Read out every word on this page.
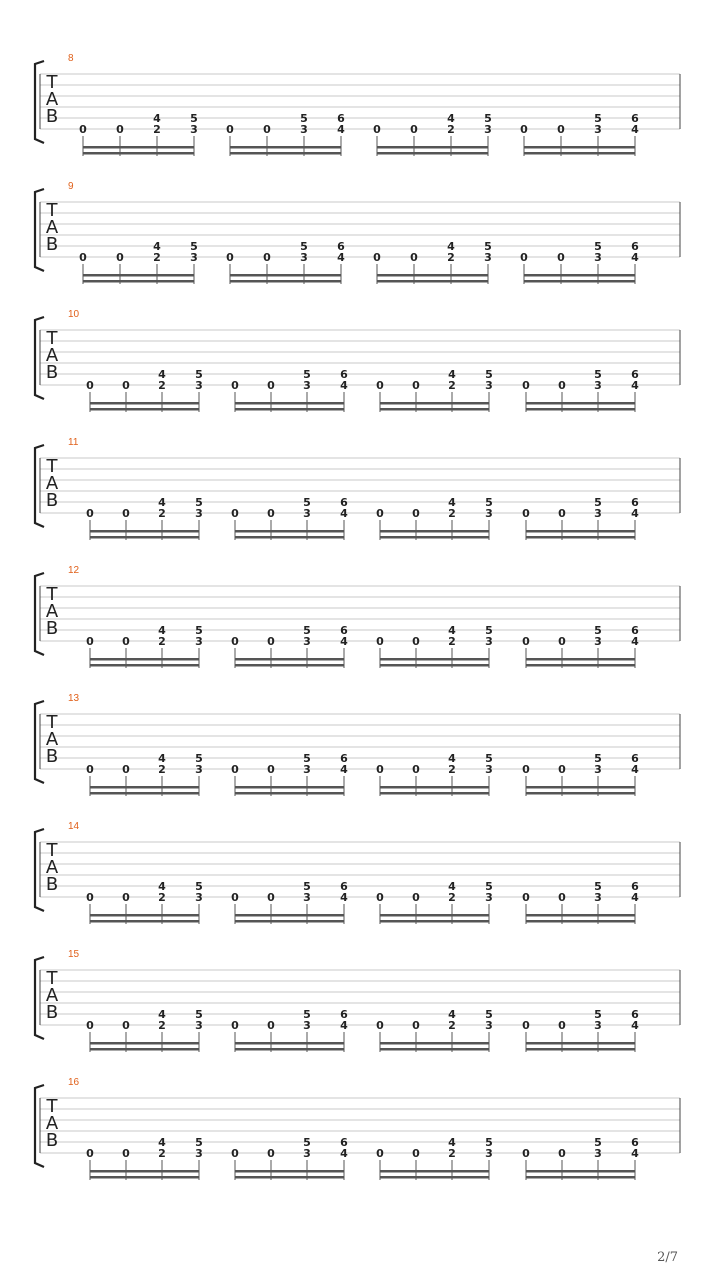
8
T
A
B
0	0
4
2
5
3	0	0
5
3
6
4	0	0
4
2
5
3	0	0
5
3
6
4
9
T
A
B
0	0
4
2
5
3	0	0
5
3
6
4	0	0
4
2
5
3	0	0
5
3
6
4
10
T
A
B
0	0
4
2
5
3	0	0
5
3
6
4	0	0
4
2
5
3	0	0
5
3
6
4
11
T
A
B
0	0
4
2
5
3	0	0
5
3
6
4	0	0
4
2
5
3	0	0
5
3
6
4
12
T
A
B
0	0
4
2
5
3	0	0
5
3
6
4	0	0
4
2
5
3	0	0
5
3
6
4
13
T
A
B
0	0
4
2
5
3	0	0
5
3
6
4	0	0
4
2
5
3	0	0
5
3
6
4
14
T
A
B
0	0
4
2
5
3	0	0
5
3
6
4	0	0
4
2
5
3	0	0
5
3
6
4
15
T
A
B
0	0
4
2
5
3	0	0
5
3
6
4	0	0
4
2
5
3	0	0
5
3
6
4
16
T
A
B
0	0
4
2
5
3	0	0
5
3
6
4	0	0
4
2
5
3	0	0
5
3
6
4
2/7
